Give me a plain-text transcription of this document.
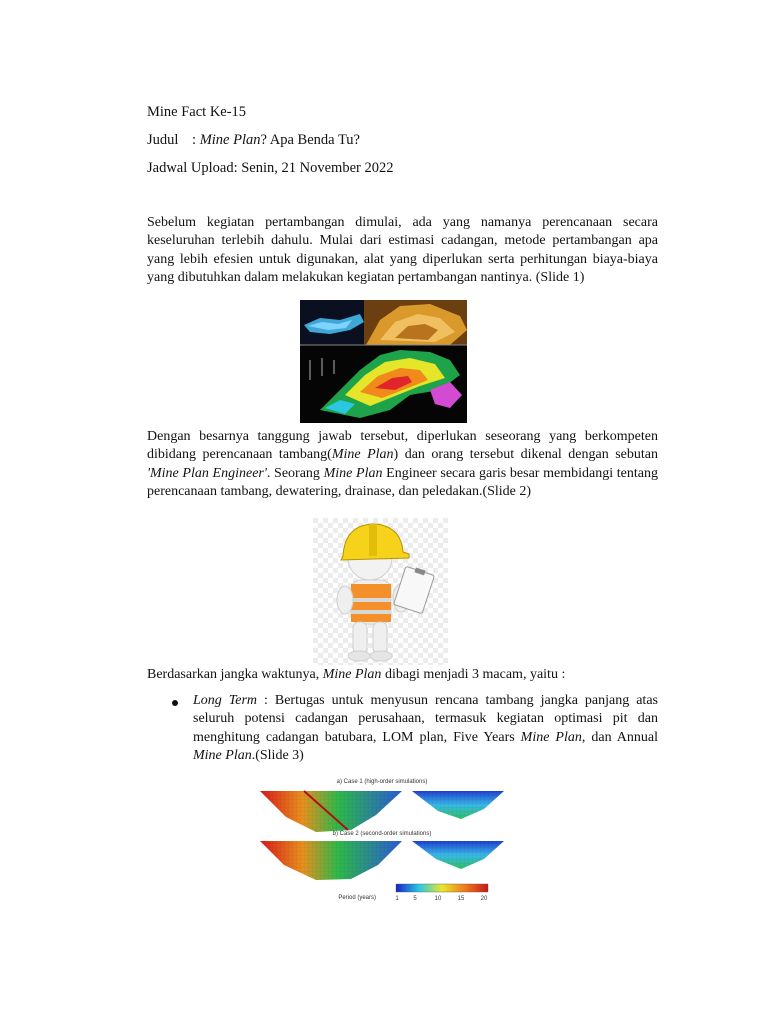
Mine Fact Ke-15
Judul : Mine Plan? Apa Benda Tu?
Jadwal Upload: Senin, 21 November 2022
Sebelum kegiatan pertambangan dimulai, ada yang namanya perencanaan secara keseluruhan terlebih dahulu. Mulai dari estimasi cadangan, metode pertambangan apa yang lebih efesien untuk digunakan, alat yang diperlukan serta perhitungan biaya-biaya yang dibutuhkan dalam melakukan kegiatan pertambangan nantinya. (Slide 1)
Dengan besarnya tanggung jawab tersebut, diperlukan seseorang yang berkompeten dibidang perencanaan tambang(Mine Plan) dan orang tersebut dikenal dengan sebutan 'Mine Plan Engineer'. Seorang Mine Plan Engineer secara garis besar membidangi tentang perencanaan tambang, dewatering, drainase, dan peledakan.(Slide 2)
Berdasarkan jangka waktunya, Mine Plan dibagi menjadi 3 macam, yaitu :
Long Term : Bertugas untuk menyusun rencana tambang jangka panjang atas seluruh potensi cadangan perusahaan, termasuk kegiatan optimasi pit dan menghitung cadangan batubara, LOM plan, Five Years Mine Plan, dan Annual Mine Plan.(Slide 3)
a) Case 1 (high-order simulations)
b) Case 2 (second-order simulations)
Period (years)	1 5	10	15	20
